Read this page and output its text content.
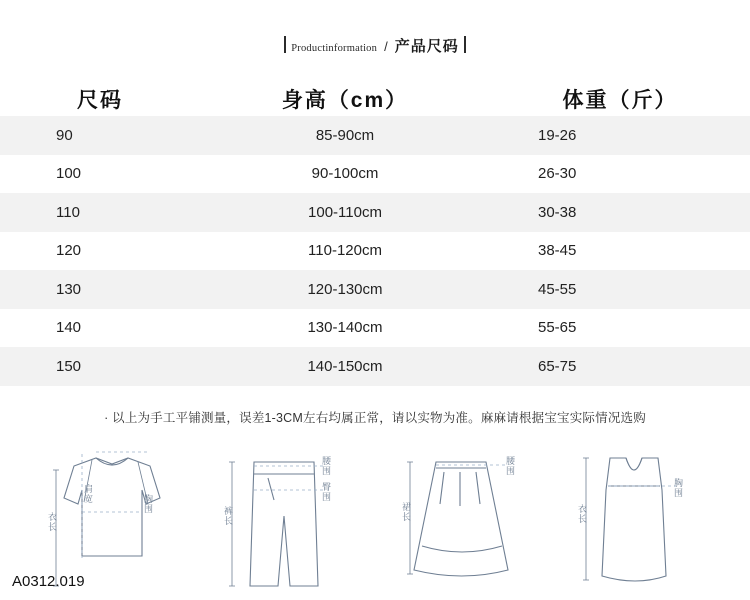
Productinformation / 产品尺码
尺码	身高（cm）	体重（斤）
90	85-90cm	19-26
100	90-100cm	26-30
110	100-110cm	30-38
120	110-120cm	38-45
130	120-130cm	45-55
140	130-140cm	55-65
150	140-150cm	65-75
· 以上为手工平铺测量，误差1-3CM左右均属正常，请以实物为准。麻麻请根据宝宝实际情况选购
衣长
肩宽	胸围
裤长
腰围
臀围
裙长
腰围
衣长
胸围
A0312.019
